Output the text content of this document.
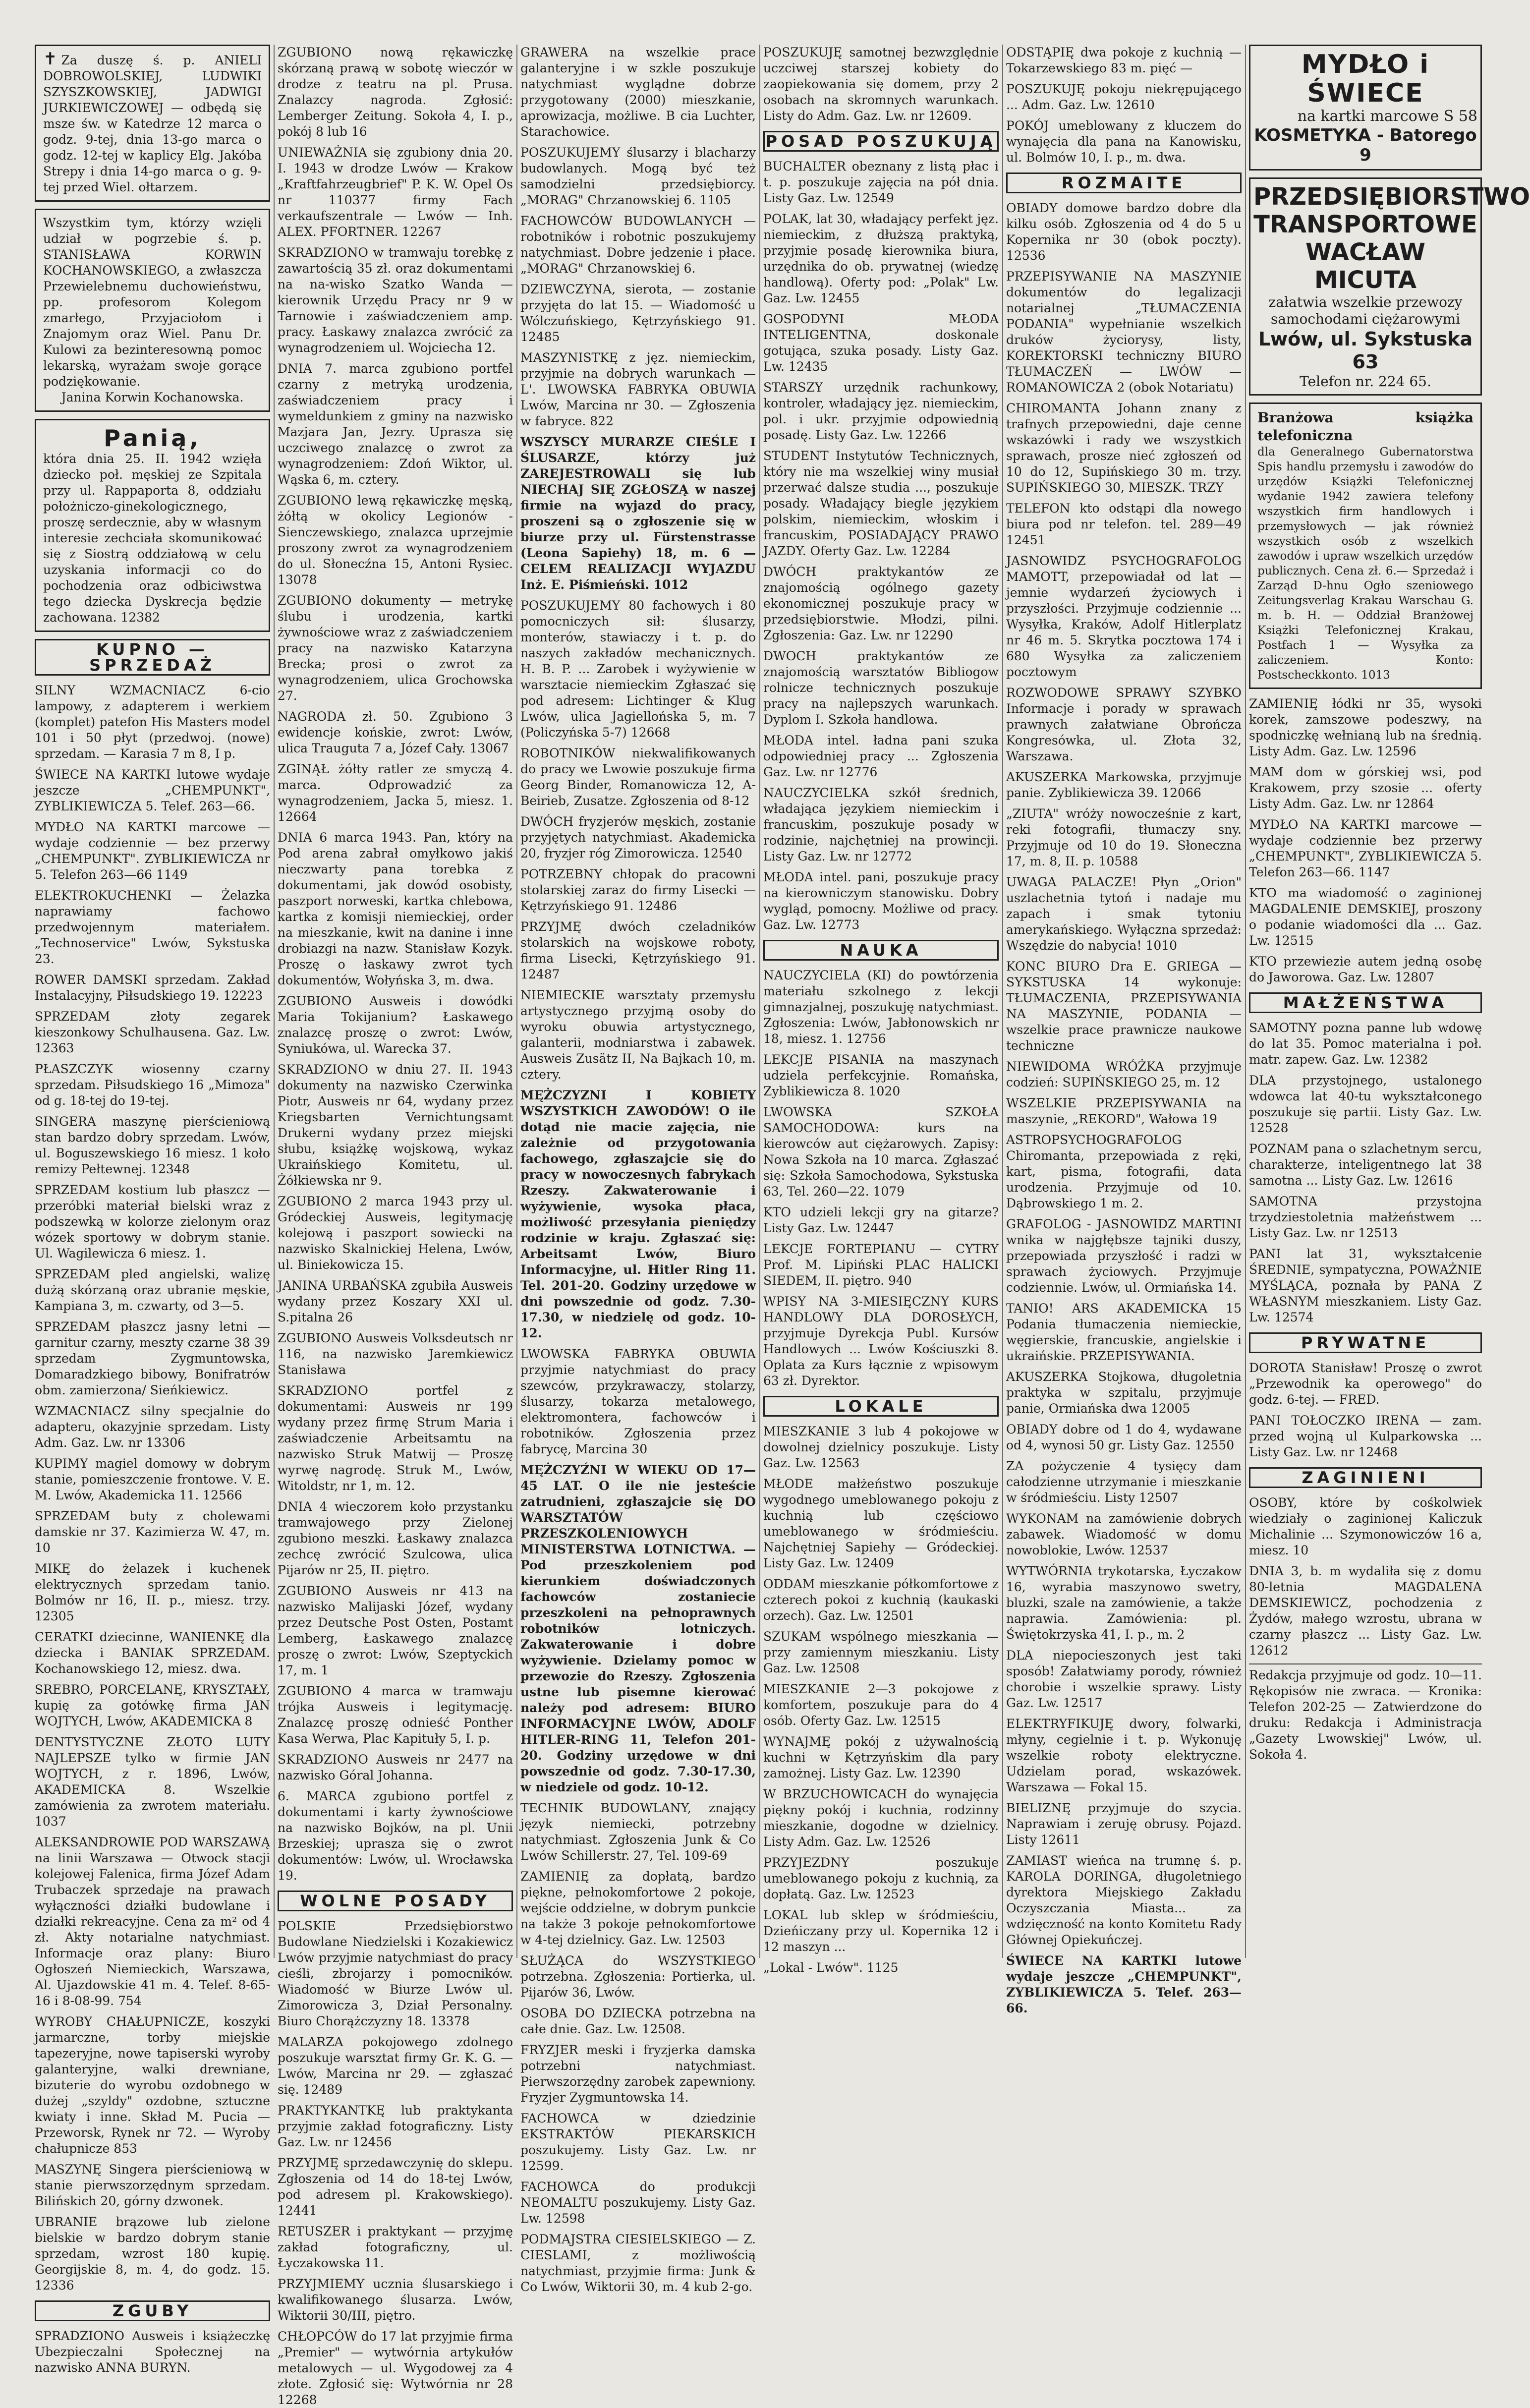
✝ Za duszę ś. p. ANIELI DOBROWOLSKIEJ, LUDWIKI SZYSZKOWSKIEJ, JADWIGI JURKIEWICZOWEJ — odbędą się msze św. w Katedrze 12 marca o godz. 9-tej, dnia 13-go marca o godz. 12-tej w kaplicy Elg. Jakóba Strepy i dnia 14-go marca o g. 9-tej przed Wiel. ołtarzem.
Wszystkim tym, którzy wzięli udział w pogrzebie ś. p. STANISŁAWA KORWIN KOCHANOWSKIEGO, a zwłaszcza Przewielebnemu duchowieństwu, pp. profesorom Kolegom zmarłego, Przyjaciołom i Znajomym oraz Wiel. Panu Dr. Kulowi za bezinteresowną pomoc lekarską, wyrażam swoje gorące podziękowanie.
Janina Korwin Kochanowska.
Panią,
która dnia 25. II. 1942 wzięła dziecko poł. męskiej ze Szpitala przy ul. Rappaporta 8, oddziału położniczo-ginekologicznego, proszę serdecznie, aby w własnym interesie zechciała skomunikować się z Siostrą oddziałową w celu uzyskania informacji co do pochodzenia oraz odbiciwstwa tego dziecka Dyskrecja będzie zachowana. 12382
KUPNO — SPRZEDAŻ

SILNY WZMACNIACZ 6-cio lampowy, z adapterem i werkiem (komplet) patefon His Masters model 101 i 50 płyt (przedwoj. (nowe) sprzedam. — Karasia 7 m 8, I p.

ŚWIECE NA KARTKI lutowe wydaje jeszcze „CHEMPUNKT", ZYBLIKIEWICZA 5. Telef. 263—66.

MYDŁO NA KARTKI marcowe — wydaje codziennie — bez przerwy „CHEMPUNKT". ZYBLIKIEWICZA nr 5. Telefon 263—66 1149

ELEKTROKUCHENKI — Żelazka naprawiamy fachowo przedwojennym materiałem. „Technoservice" Lwów, Sykstuska 23.

ROWER DAMSKI sprzedam. Zakład Instalacyjny, Piłsudskiego 19. 12223

SPRZEDAM złoty zegarek kieszonkowy Schulhausena. Gaz. Lw. 12363

PŁASZCZYK wiosenny czarny sprzedam. Piłsudskiego 16 „Mimoza" od g. 18-tej do 19-tej.

SINGERA maszynę pierścieniową stan bardzo dobry sprzedam. Lwów, ul. Boguszewskiego 16 miesz. 1 koło remizy Pełtewnej. 12348

SPRZEDAM kostium lub płaszcz — przeróbki materiał bielski wraz z podszewką w kolorze zielonym oraz wózek sportowy w dobrym stanie. Ul. Wagilewicza 6 miesz. 1.

SPRZEDAM pled angielski, walizę dużą skórzaną oraz ubranie męskie, Kampiana 3, m. czwarty, od 3—5.

SPRZEDAM płaszcz jasny letni — garnitur czarny, meszty czarne 38 39 sprzedam Zygmuntowska, Domaradzkiego bibowy, Bonifratrów obm. zamierzona/ Sieńkiewicz.

WZMACNIACZ silny specjalnie do adapteru, okazyjnie sprzedam. Listy Adm. Gaz. Lw. nr 13306

KUPIMY magiel domowy w dobrym stanie, pomieszczenie frontowe. V. E. M. Lwów, Akademicka 11. 12566

SPRZEDAM buty z cholewami damskie nr 37. Kazimierza W. 47, m. 10

MIKĘ do żelazek i kuchenek elektrycznych sprzedam tanio. Bolmów nr 16, II. p., miesz. trzy. 12305

CERATKI dziecinne, WANIENKĘ dla dziecka i BANIAK SPRZEDAM. Kochanowskiego 12, miesz. dwa.

SREBRO, PORCELANĘ, KRYSZTAŁY, kupię za gotówkę firma JAN WOJTYCH, Lwów, AKADEMICKA 8

DENTYSTYCZNE ZŁOTO LUTY NAJLEPSZE tylko w firmie JAN WOJTYCH, z r. 1896, Lwów, AKADEMICKA 8. Wszelkie zamówienia za zwrotem materiału. 1037

ALEKSANDROWIE POD WARSZAWĄ na linii Warszawa — Otwock stacji kolejowej Falenica, firma Józef Adam Trubaczek sprzedaje na prawach wyłączności działki budowlane i działki rekreacyjne. Cena za m² od 4 zł. Akty notarialne natychmiast. Informacje oraz plany: Biuro Ogłoszeń Niemieckich, Warszawa, Al. Ujazdowskie 41 m. 4. Telef. 8-65-16 i 8-08-99. 754

WYROBY CHAŁUPNICZE, koszyki jarmarczne, torby miejskie tapezeryjne, nowe tapiserski wyroby galanteryjne, walki drewniane, bizuterie do wyrobu ozdobnego w dużej „szyldy" ozdobne, sztuczne kwiaty i inne. Skład M. Pucia — Przeworsk, Rynek nr 72. — Wyroby chałupnicze 853

MASZYNĘ Singera pierścieniową w stanie pierwszorzędnym sprzedam. Bilińskich 20, górny dzwonek.

UBRANIE brązowe lub zielone bielskie w bardzo dobrym stanie sprzedam, wzrost 180 kupię. Georgijskie 8, m. 4, do godz. 15. 12336

ZGUBY

SPRADZIONO Ausweis i książeczkę Ubezpieczalni Społecznej na nazwisko ANNA BURYN.

ZGUBIONO nową rękawiczkę skórzaną prawą w sobotę wieczór w drodze z teatru na pl. Prusa. Znalazcy nagroda. Zgłosić: Lemberger Zeitung. Sokoła 4, I. p., pokój 8 lub 16

UNIEWAŻNIA się zgubiony dnia 20. I. 1943 w drodze Lwów — Krakow „Kraftfahrzeugbrief" P. K. W. Opel Os nr 110377 firmy Fach verkaufszentrale — Lwów — Inh. ALEX. PFORTNER. 12267

SKRADZIONO w tramwaju torebkę z zawartością 35 zł. oraz dokumentami na na-wisko Szatko Wanda — kierownik Urzędu Pracy nr 9 w Tarnowie i zaświadczeniem amp. pracy. Łaskawy znalazca zwrócić za wynagrodzeniem ul. Wojciecha 12.

DNIA 7. marca zgubiono portfel czarny z metryką urodzenia, zaświadczeniem pracy i wymeldunkiem z gminy na nazwisko Mazjara Jan, Jezry. Uprasza się uczciwego znalazcę o zwrot za wynagrodzeniem: Zdoń Wiktor, ul. Wąska 6, m. cztery.

ZGUBIONO lewą rękawiczkę męską, żółtą w okolicy Legionów - Sienczewskiego, znalazca uprzejmie proszony zwrot za wynagrodzeniem do ul. Słonecźna 15, Antoni Rysiec. 13078

ZGUBIONO dokumenty — metrykę ślubu i urodzenia, kartki żywnościowe wraz z zaświadczeniem pracy na nazwisko Katarzyna Brecka; prosi o zwrot za wynagrodzeniem, ulica Grochowska 27.

NAGRODA zł. 50. Zgubiono 3 ewidencje końskie, zwrot: Lwów, ulica Trauguta 7 a, Józef Cały. 13067

ZGINĄŁ żółty ratler ze smyczą 4. marca. Odprowadzić za wynagrodzeniem, Jacka 5, miesz. 1. 12664

DNIA 6 marca 1943. Pan, który na Pod arena zabrał omyłkowo jakiś nieczwarty pana torebka z dokumentami, jak dowód osobisty, paszport norweski, kartka chlebowa, kartka z komisji niemieckiej, order na mieszkanie, kwit na danine i inne drobiazgi na nazw. Stanisław Kozyk. Proszę o łaskawy zwrot tych dokumentów, Wołyńska 3, m. dwa.

ZGUBIONO Ausweis i dowódki Maria Tokijanium? Łaskawego znalazcę proszę o zwrot: Lwów, Syniukówa, ul. Warecka 37.

SKRADZIONO w dniu 27. II. 1943 dokumenty na nazwisko Czerwinka Piotr, Ausweis nr 64, wydany przez Kriegsbarten Vernichtungsamt Drukerni wydany przez miejski słubu, książkę wojskową, wykaz Ukraińskiego Komitetu, ul. Żółkiewska nr 9.

ZGUBIONO 2 marca 1943 przy ul. Gródeckiej Ausweis, legitymację kolejową i paszport sowiecki na nazwisko Skalnickiej Helena, Lwów, ul. Biniekowicza 15.

JANINA URBAŃSKA zgubiła Ausweis wydany przez Koszary XXI ul. S.pitalna 26

ZGUBIONO Ausweis Volksdeutsch nr 116, na nazwisko Jaremkiewicz Stanisława

SKRADZIONO portfel z dokumentami: Ausweis nr 199 wydany przez firmę Strum Maria i zaświadczenie Arbeitsamtu na nazwisko Struk Matwij — Proszę wyrwę nagrodę. Struk M., Lwów, Witoldstr, nr 1, m. 12.

DNIA 4 wieczorem koło przystanku tramwajowego przy Zielonej zgubiono meszki. Łaskawy znalazca zechcę zwrócić Szulcowa, ulica Pijarów nr 25, II. piętro.

ZGUBIONO Ausweis nr 413 na nazwisko Malijaski Józef, wydany przez Deutsche Post Osten, Postamt Lemberg, Łaskawego znalazcę proszę o zwrot: Lwów, Szeptyckich 17, m. 1

ZGUBIONO 4 marca w tramwaju trójka Ausweis i legitymację. Znalazcę proszę odnieść Ponther Kasa Werwa, Plac Kapituły 5, I. p.

SKRADZIONO Ausweis nr 2477 na nazwisko Góral Johanna.

6. MARCA zgubiono portfel z dokumentami i karty żywnościowe na nazwisko Bojków, na pl. Unii Brzeskiej; uprasza się o zwrot dokumentów: Lwów, ul. Wrocławska 19.

WOLNE POSADY

POLSKIE Przedsiębiorstwo Budowlane Niedzielski i Kozakiewicz Lwów przyjmie natychmiast do pracy cieśli, zbrojarzy i pomocników. Wiadomość w Biurze Lwów ul. Zimorowicza 3, Dział Personalny. Biuro Chorążczyzny 18. 13378

MALARZA pokojowego zdolnego poszukuje warsztat firmy Gr. K. G. — Lwów, Marcina nr 29. — zgłaszać się. 12489

PRAKTYKANTKĘ lub praktykanta przyjmie zakład fotograficzny. Listy Gaz. Lw. nr 12456

PRZYJMĘ sprzedawczynię do sklepu. Zgłoszenia od 14 do 18-tej Lwów, pod adresem pl. Krakowskiego). 12441

RETUSZER i praktykant — przyjmę zakład fotograficzny, ul. Łyczakowska 11.

PRZYJMIEMY ucznia ślusarskiego i kwalifikowanego ślusarza. Lwów, Wiktorii 30/III, piętro.

CHŁOPCÓW do 17 lat przyjmie firma „Premier" — wytwórnia artykułów metalowych — ul. Wygodowej za 4 złote. Zgłosić się: Wytwórnia nr 28 12268

GRAWERA na wszelkie prace galanteryjne i w szkle poszukuje natychmiast wyglądne dobrze przygotowany (2000) mieszkanie, aprowizacja, możliwe. B cia Luchter, Starachowice.

POSZUKUJEMY ślusarzy i blacharzy budowlanych. Mogą być też samodzielni przedsiębiorcy. „MORAG" Chrzanowskiej 6. 1105

FACHOWCÓW BUDOWLANYCH — robotników i robotnic poszukujemy natychmiast. Dobre jedzenie i płace. „MORAG" Chrzanowskiej 6.

DZIEWCZYNA, sierota, — zostanie przyjęta do lat 15. — Wiadomość u Wólczuńskiego, Kętrzyńskiego 91. 12485

MASZYNISTKĘ z jęz. niemieckim, przyjmie na dobrych warunkach — L'. LWOWSKA FABRYKA OBUWIA Lwów, Marcina nr 30. — Zgłoszenia w fabryce. 822

WSZYSCY MURARZE CIEŚLE I ŚLUSARZE, którzy już ZAREJESTROWALI się lub NIECHAJ SIĘ ZGŁOSZĄ w naszej firmie na wyjazd do pracy, proszeni są o zgłoszenie się w biurze przy ul. Fürstenstrasse (Leona Sapiehy) 18, m. 6 — CELEM REALIZACJI WYJAZDU Inż. E. Piśmieński. 1012

POSZUKUJEMY 80 fachowych i 80 pomocniczych sił: ślusarzy, monterów, stawiaczy i t. p. do naszych zakładów mechanicznych. H. B. P. ... Zarobek i wyżywienie w warsztacie niemieckim Zgłaszać się pod adresem: Lichtinger & Klug Lwów, ulica Jagiellońska 5, m. 7 (Policzyńska 5-7) 12668

ROBOTNIKÓW niekwalifikowanych do pracy we Lwowie poszukuje firma Georg Binder, Romanowicza 12, A-Beirieb, Zusatze. Zgłoszenia od 8-12

DWÓCH fryzjerów męskich, zostanie przyjętych natychmiast. Akademicka 20, fryzjer róg Zimorowicza. 12540

POTRZEBNY chłopak do pracowni stolarskiej zaraz do firmy Lisecki — Kętrzyńskiego 91. 12486

PRZYJMĘ dwóch czeladników stolarskich na wojskowe roboty, firma Lisecki, Kętrzyńskiego 91. 12487

NIEMIECKIE warsztaty przemysłu artystycznego przyjmą osoby do wyroku obuwia artystycznego, galanterii, modniarstwa i zabawek. Ausweis Zusätz II, Na Bajkach 10, m. cztery.

MĘŻCZYZNI I KOBIETY WSZYSTKICH ZAWODÓW! O ile dotąd nie macie zajęcia, nie zależnie od przygotowania fachowego, zgłaszajcie się do pracy w nowoczesnych fabrykach Rzeszy. Zakwaterowanie i wyżywienie, wysoka płaca, możliwość przesyłania pieniędzy rodzinie w kraju. Zgłaszać się: Arbeitsamt Lwów, Biuro Informacyjne, ul. Hitler Ring 11. Tel. 201-20. Godziny urzędowe w dni powszednie od godz. 7.30-17.30, w niedzielę od godz. 10-12.

LWOWSKA FABRYKA OBUWIA przyjmie natychmiast do pracy szewców, przykrawaczy, stolarzy, ślusarzy, tokarza metalowego, elektromontera, fachowców i robotników. Zgłoszenia przez fabrycę, Marcina 30

MĘŻCZYŹNI W WIEKU OD 17—45 LAT. O ile nie jesteście zatrudnieni, zgłaszajcie się DO WARSZTATÓW PRZESZKOLENIOWYCH MINISTERSTWA LOTNICTWA. — Pod przeszkoleniem pod kierunkiem doświadczonych fachowców zostaniecie przeszkoleni na pełnoprawnych robotników lotniczych. Zakwaterowanie i dobre wyżywienie. Dzielamy pomoc w przewozie do Rzeszy. Zgłoszenia ustne lub pisemne kierować należy pod adresem: BIURO INFORMACYJNE LWÓW, ADOLF HITLER-RING 11, Telefon 201-20. Godziny urzędowe w dni powszednie od godz. 7.30-17.30, w niedziele od godz. 10-12.

TECHNIK BUDOWLANY, znający język niemiecki, potrzebny natychmiast. Zgłoszenia Junk & Co Lwów Schillerstr. 27, Tel. 109-69

ZAMIENIĘ za dopłatą, bardzo piękne, pełnokomfortowe 2 pokoje, wejście oddzielne, w dobrym punkcie na także 3 pokoje pełnokomfortowe w 4-tej dzielnicy. Gaz. Lw. 12503

SŁUŻĄCA do WSZYSTKIEGO potrzebna. Zgłoszenia: Portierka, ul. Pijarów 36, Lwów.

OSOBA DO DZIECKA potrzebna na całe dnie. Gaz. Lw. 12508.

FRYZJER meski i fryzjerka damska potrzebni natychmiast. Pierwszorzędny zarobek zapewniony. Fryzjer Zygmuntowska 14.

FACHOWCA w dziedzinie EKSTRAKTÓW PIEKARSKICH poszukujemy. Listy Gaz. Lw. nr 12599.

FACHOWCA do produkcji NEOMALTU poszukujemy. Listy Gaz. Lw. 12598

PODMAJSTRA CIESIELSKIEGO — Z. CIESLAMI, z możliwością natychmiast, przyjmie firma: Junk & Co Lwów, Wiktorii 30, m. 4 kub 2-go.

POSZUKUJĘ samotnej bezwzględnie uczciwej starszej kobiety do zaopiekowania się domem, przy 2 osobach na skromnych warunkach. Listy do Adm. Gaz. Lw. nr 12609.

POSAD POSZUKUJĄ

BUCHALTER obeznany z listą płac i t. p. poszukuje zajęcia na pół dnia. Listy Gaz. Lw. 12549

POLAK, lat 30, władający perfekt jęz. niemieckim, z dłuższą praktyką, przyjmie posadę kierownika biura, urzędnika do ob. prywatnej (wiedzę handlową). Oferty pod: „Polak" Lw. Gaz. Lw. 12455

GOSPODYNI MŁODA INTELIGENTNA, doskonale gotująca, szuka posady. Listy Gaz. Lw. 12435

STARSZY urzędnik rachunkowy, kontroler, władający jęz. niemieckim, pol. i ukr. przyjmie odpowiednią posadę. Listy Gaz. Lw. 12266

STUDENT Instytutów Technicznych, który nie ma wszelkiej winy musiał przerwać dalsze studia ..., poszukuje posady. Władający biegle językiem polskim, niemieckim, włoskim i francuskim, POSIADAJĄCY PRAWO JAZDY. Oferty Gaz. Lw. 12284

DWÓCH praktykantów ze znajomością ogólnego gazety ekonomicznej poszukuje pracy w przedsiębiorstwie. Młodzi, pilni. Zgłoszenia: Gaz. Lw. nr 12290

DWOCH praktykantów ze znajomością warsztatów Bibliogow rolnicze technicznych poszukuje pracy na najlepszych warunkach. Dyplom I. Szkoła handlowa.

MŁODA intel. ładna pani szuka odpowiedniej pracy ... Zgłoszenia Gaz. Lw. nr 12776

NAUCZYCIELKA szkół średnich, władająca językiem niemieckim i francuskim, poszukuje posady w rodzinie, najchętniej na prowincji. Listy Gaz. Lw. nr 12772

MŁODA intel. pani, poszukuje pracy na kierowniczym stanowisku. Dobry wygląd, pomocny. Możliwe od pracy. Gaz. Lw. 12773

NAUKA

NAUCZYCIELA (KI) do powtórzenia materiału szkolnego z lekcji gimnazjalnej, poszukuję natychmiast. Zgłoszenia: Lwów, Jabłonowskich nr 18, miesz. 1. 12756

LEKCJE PISANIA na maszynach udziela perfekcyjnie. Romańska, Zyblikiewicza 8. 1020

LWOWSKA SZKOŁA SAMOCHODOWA: kurs na kierowców aut ciężarowych. Zapisy: Nowa Szkoła na 10 marca. Zgłaszać się: Szkoła Samochodowa, Sykstuska 63, Tel. 260—22. 1079

KTO udzieli lekcji gry na gitarze? Listy Gaz. Lw. 12447

LEKCJE FORTEPIANU — CYTRY Prof. M. Lipiński PLAC HALICKI SIEDEM, II. piętro. 940

WPISY NA 3-MIESIĘCZNY KURS HANDLOWY DLA DOROSŁYCH, przyjmuje Dyrekcja Publ. Kursów Handlowych ... Lwów Kościuszki 8. Oplata za Kurs łącznie z wpisowym 63 zł. Dyrektor.

LOKALE

MIESZKANIE 3 lub 4 pokojowe w dowolnej dzielnicy poszukuje. Listy Gaz. Lw. 12563

MŁODE małżeństwo poszukuje wygodnego umeblowanego pokoju z kuchnią lub częściowo umeblowanego w śródmieściu. Najchętniej Sapiehy — Gródeckiej. Listy Gaz. Lw. 12409

ODDAM mieszkanie półkomfortowe z czterech pokoi z kuchnią (kaukaski orzech). Gaz. Lw. 12501

SZUKAM wspólnego mieszkania — przy zamiennym mieszkaniu. Listy Gaz. Lw. 12508

MIESZKANIE 2—3 pokojowe z komfortem, poszukuje para do 4 osób. Oferty Gaz. Lw. 12515

WYNAJMĘ pokój z używalnością kuchni w Kętrzyńskim dla pary zamożnej. Listy Gaz. Lw. 12390

W BRZUCHOWICACH do wynajęcia piękny pokój i kuchnia, rodzinny mieszkanie, dogodne w dzielnicy. Listy Adm. Gaz. Lw. 12526

PRZYJEZDNY poszukuje umeblowanego pokoju z kuchnią, za dopłatą. Gaz. Lw. 12523

LOKAL lub sklep w śródmieściu, Dzieńiczany przy ul. Kopernika 12 i 12 maszyn ...

„Lokal - Lwów". 1125

ODSTĄPIĘ dwa pokoje z kuchnią — Tokarzewskiego 83 m. pięć —

POSZUKUJĘ pokoju niekrępującego ... Adm. Gaz. Lw. 12610

POKÓJ umeblowany z kluczem do wynajęcia dla pana na Kanowisku, ul. Bolmów 10, I. p., m. dwa.

ROZMAITE

OBIADY domowe bardzo dobre dla kilku osób. Zgłoszenia od 4 do 5 u Kopernika nr 30 (obok poczty). 12536

PRZEPISYWANIE NA MASZYNIE dokumentów do legalizacji notarialnej „TŁUMACZENIA PODANIA" wypełnianie wszelkich druków życiorysy, listy, KOREKTORSKI techniczny BIURO TŁUMACZEŃ — LWÓW — ROMANOWICZA 2 (obok Notariatu)

CHIROMANTA Johann znany z trafnych przepowiedni, daje cenne wskazówki i rady we wszystkich sprawach, prosze nieć zgłoszeń od 10 do 12, Supińskiego 30 m. trzy. SUPIŃSKIEGO 30, MIESZK. TRZY

TELEFON kto odstąpi dla nowego biura pod nr telefon. tel. 289—49 12451

JASNOWIDZ PSYCHOGRAFOLOG MAMOTT, przepowiadał od lat — jemnie wydarzeń życiowych i przyszłości. Przyjmuje codziennie ... Wysyłka, Kraków, Adolf Hitlerplatz nr 46 m. 5. Skrytka pocztowa 174 i 680 Wysyłka za zaliczeniem pocztowym

ROZWODOWE SPRAWY SZYBKO Informacje i porady w sprawach prawnych załatwiane Obrończa Kongresówka, ul. Złota 32, Warszawa.

AKUSZERKA Markowska, przyjmuje panie. Zyblikiewicza 39. 12066

„ZIUTA" wróży nowocześnie z kart, reki fotografii, tłumaczy sny. Przyjmuje od 10 do 19. Słoneczna 17, m. 8, II. p. 10588

UWAGA PALACZE! Płyn „Orion" uszlachetnia tytoń i nadaje mu zapach i smak tytoniu amerykańskiego. Wyłączna sprzedaż: Wszędzie do nabycia! 1010

KONC BIURO Dra E. GRIEGA — SYKSTUSKA 14 wykonuje: TŁUMACZENIA, PRZEPISYWANIA NA MASZYNIE, PODANIA — wszelkie prace prawnicze naukowe techniczne

NIEWIDOMA WRÓŻKA przyjmuje codzień: SUPIŃSKIEGO 25, m. 12

WSZELKIE PRZEPISYWANIA na maszynie, „REKORD", Wałowa 19

ASTROPSYCHOGRAFOLOG Chiromanta, przepowiada z ręki, kart, pisma, fotografii, data urodzenia. Przyjmuje od 10. Dąbrowskiego 1 m. 2.

GRAFOLOG - JASNOWIDZ MARTINI wnika w najgłębsze tajniki duszy, przepowiada przyszłość i radzi w sprawach życiowych. Przyjmuje codziennie. Lwów, ul. Ormiańska 14.

TANIO! ARS AKADEMICKA 15 Podania tłumaczenia niemieckie, węgierskie, francuskie, angielskie i ukraińskie. PRZEPISYWANIA.

AKUSZERKA Stojkowa, długoletnia praktyka w szpitalu, przyjmuje panie, Ormiańska dwa 12005

OBIADY dobre od 1 do 4, wydawane od 4, wynosi 50 gr. Listy Gaz. 12550

ZA pożyczenie 4 tysięcy dam całodzienne utrzymanie i mieszkanie w śródmieściu. Listy 12507

WYKONAM na zamówienie dobrych zabawek. Wiadomość w domu nowoblokie, Lwów. 12537

WYTWÓRNIA trykotarska, Łyczakow 16, wyrabia maszynowo swetry, bluzki, szale na zamówienie, a także naprawia. Zamówienia: pl. Świętokrzyska 41, I. p., m. 2

DLA niepocieszonych jest taki sposób! Załatwiamy porody, również chorobie i wszelkie sprawy. Listy Gaz. Lw. 12517

ELEKTRYFIKUJĘ dwory, folwarki, młyny, cegielnie i t. p. Wykonuję wszelkie roboty elektryczne. Udzielam porad, wskazówek. Warszawa — Fokal 15.

BIELIZNĘ przyjmuje do szycia. Naprawiam i zeruję obrusy. Pojazd. Listy 12611

ZAMIAST wieńca na trumnę ś. p. KAROLA DORINGA, długoletniego dyrektora Miejskiego Zakładu Oczyszczania Miasta... za wdzięczność na konto Komitetu Rady Głównej Opiekuńczej.

ŚWIECE NA KARTKI lutowe wydaje jeszcze „CHEMPUNKT", ZYBLIKIEWICZA 5. Telef. 263—66.

MYDŁO i ŚWIECE
na kartki marcowe S 58
KOSMETYKA - Batorego 9
PRZEDSIĘBIORSTWO
TRANSPORTOWE
WACŁAW MICUTA
załatwia wszelkie przewozy samochodami ciężarowymi
Lwów, ul. Sykstuska 63
Telefon nr. 224 65.
Branżowa książka telefoniczna
dla Generalnego Gubernatorstwa Spis handlu przemysłu i zawodów do urzędów Książki Telefonicznej wydanie 1942 zawiera telefony wszystkich firm handlowych i przemysłowych — jak również wszystkich osób z wszelkich zawodów i upraw wszelkich urzędów publicznych. Cena zł. 6.— Sprzedaż i Zarząd D-hnu Ogło szeniowego Zeitungsverlag Krakau Warschau G. m. b. H. — Oddział Branżowej Książki Telefonicznej Krakau, Postfach 1 — Wysyłka za zaliczeniem. Konto: Postscheckkonto. 1013

ZAMIENIĘ łódki nr 35, wysoki korek, zamszowe podeszwy, na spodniczkę wełnianą lub na średnią. Listy Adm. Gaz. Lw. 12596

MAM dom w górskiej wsi, pod Krakowem, przy szosie ... oferty Listy Adm. Gaz. Lw. nr 12864

MYDŁO NA KARTKI marcowe — wydaje codziennie bez przerwy „CHEMPUNKT", ZYBLIKIEWICZA 5. Telefon 263—66. 1147

KTO ma wiadomość o zaginionej MAGDALENIE DEMSKIEJ, proszony o podanie wiadomości dla ... Gaz. Lw. 12515

KTO przewiezie autem jedną osobę do Jaworowa. Gaz. Lw. 12807

MAŁŻEŃSTWA

SAMOTNY pozna panne lub wdowę do lat 35. Pomoc materialna i poł. matr. zapew. Gaz. Lw. 12382

DLA przystojnego, ustalonego wdowca lat 40-tu wykształconego poszukuje się partii. Listy Gaz. Lw. 12528

POZNAM pana o szlachetnym sercu, charakterze, inteligentnego lat 38 samotna ... Listy Gaz. Lw. 12616

SAMOTNA przystojna trzydziestoletnia małżeństwem ... Listy Gaz. Lw. nr 12513

PANI lat 31, wykształcenie ŚREDNIE, sympatyczna, POWAŻNIE MYŚLĄCA, poznała by PANA Z WŁASNYM mieszkaniem. Listy Gaz. Lw. 12574

PRYWATNE

DOROTA Stanisław! Proszę o zwrot „Przewodnik ka operowego" do godz. 6-tej. — FRED.

PANI TOŁOCZKO IRENA — zam. przed wojną ul Kulparkowska ... Listy Gaz. Lw. nr 12468

ZAGINIENI

OSOBY, które by cośkolwiek wiedziały o zaginionej Kaliczuk Michalinie ... Szymonowiczów 16 a, miesz. 10

DNIA 3, b. m wydaliła się z domu 80-letnia MAGDALENA DEMSKIEWICZ, pochodzenia z Żydów, małego wzrostu, ubrana w czarny płaszcz ... Listy Gaz. Lw. 12612

Redakcja przyjmuje od godz. 10—11. Rękopisów nie zwraca. — Kronika: Telefon 202-25 — Zatwierdzone do druku: Redakcja i Administracja „Gazety Lwowskiej" Lwów, ul. Sokoła 4.
